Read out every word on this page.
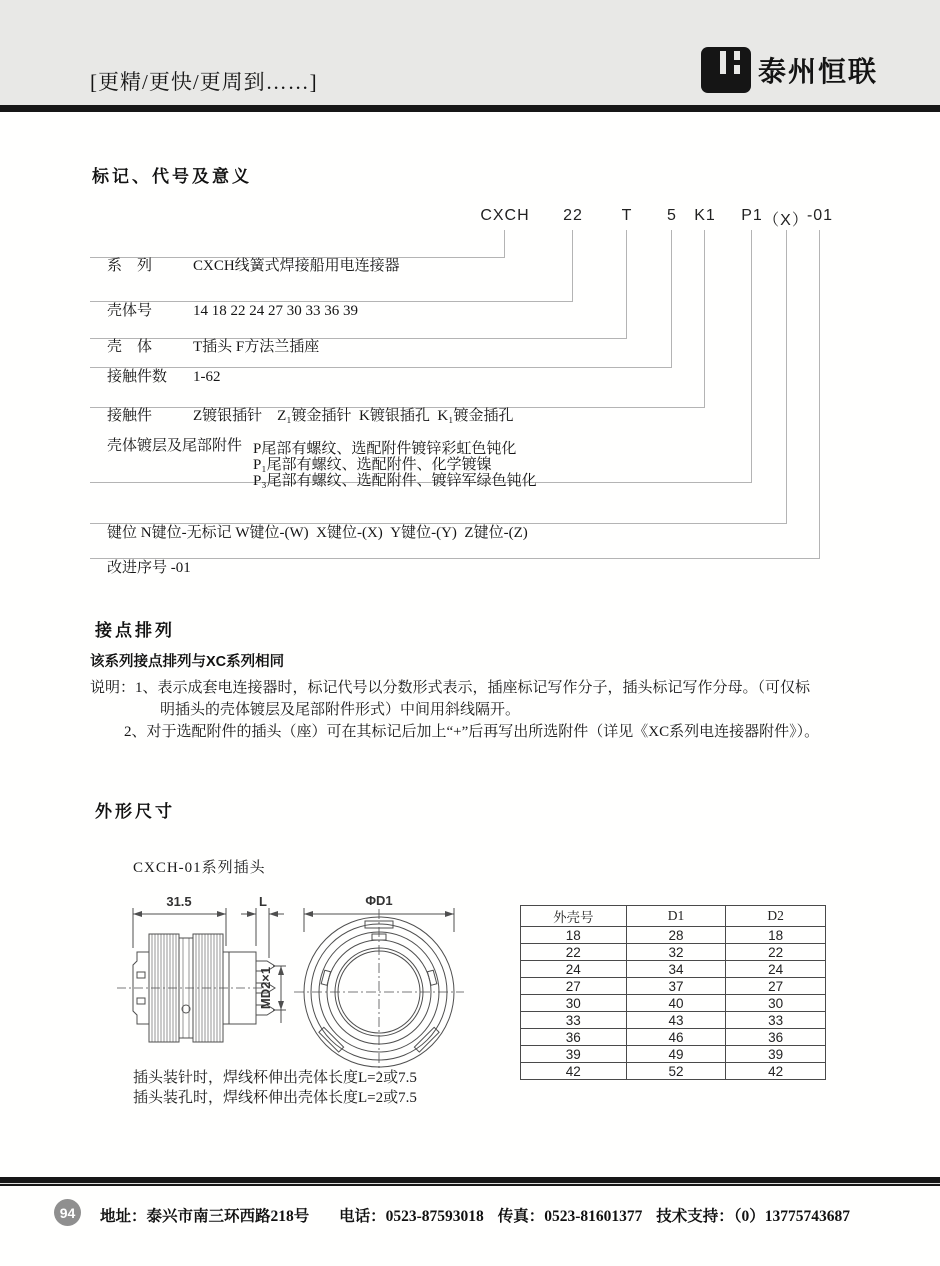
[更精/更快/更周到……]	泰州恒联
标记、代号及意义
CXCH 22 T 5 K1 P1 （X）
-01

系　列	CXCH线簧式焊接船用电连接器

壳体号	14 18 22 24 27 30 33 36 39

壳　体	T插头 F方法兰插座

接触件数 1-62

接触件	Z镀银插针　Z₁镀金插针  K镀银插孔  K₁镀金插孔

壳体镀层及尾部附件
P尾部有螺纹、选配附件镀锌彩虹色钝化
P₁尾部有螺纹、选配附件、化学镀镍
P₃尾部有螺纹、选配附件、镀锌军绿色钝化

键位 N键位-无标记 W键位-(W)  X键位-(X)  Y键位-(Y)  Z键位-(Z)

改进序号 -01

接点排列
该系列接点排列与XC系列相同
说明：1、表示成套电连接器时，标记代号以分数形式表示，插座标记写作分子，插头标记写作分母。（可仅标
明插头的壳体镀层及尾部附件形式）中间用斜线隔开。
2、对于选配附件的插头（座）可在其标记后加上“+”后再写出所选附件（详见《XC系列电连接器附件》）。
外形尺寸
CXCH-01系列插头
31.5	L
MD2×1
ΦD1
外壳号	D1	D2
18	28	18
22	32	22
24	34	24
27	37	27
30	40	30
33	43	33
36	46	36
39	49	39
42	52	42
插头装针时，焊线杯伸出壳体长度L=2或7.5
插头装孔时，焊线杯伸出壳体长度L=2或7.5
94	地址：泰兴市南三环西路218号 电话：0523-87593018 传真：0523-81601377 技术支持：（0）13775743687
